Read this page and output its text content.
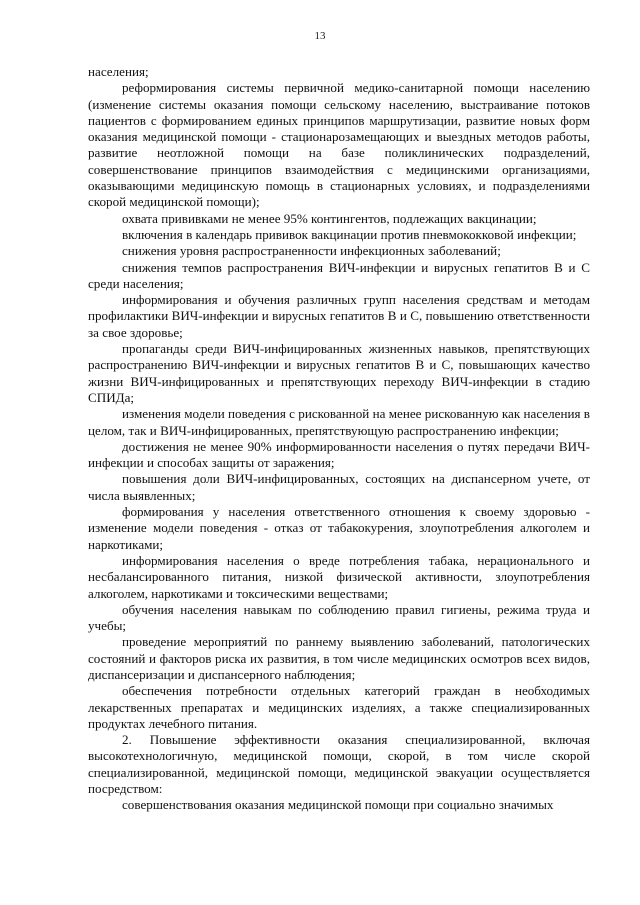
13

населения;

реформирования системы первичной медико-санитарной помощи населению (изменение системы оказания помощи сельскому населению, выстраивание потоков пациентов с формированием единых принципов маршрутизации, развитие новых форм оказания медицинской помощи - стационарозамещающих и выездных методов работы, развитие неотложной помощи на базе поликлинических подразделений, совершенствование принципов взаимодействия с медицинскими организациями, оказывающими медицинскую помощь в стационарных условиях, и подразделениями скорой медицинской помощи);

охвата прививками не менее 95% контингентов, подлежащих вакцинации;

включения в календарь прививок вакцинации против пневмококковой инфекции;

снижения уровня распространенности инфекционных заболеваний;

снижения темпов распространения ВИЧ-инфекции и вирусных гепатитов В и С среди населения;

информирования и обучения различных групп населения средствам и методам профилактики ВИЧ-инфекции и вирусных гепатитов В и С, повышению ответственности за свое здоровье;

пропаганды среди ВИЧ-инфицированных жизненных навыков, препятствующих распространению ВИЧ-инфекции и вирусных гепатитов В и С, повышающих качество жизни ВИЧ-инфицированных и препятствующих переходу ВИЧ-инфекции в стадию СПИДа;

изменения модели поведения с рискованной на менее рискованную как населения в целом, так и ВИЧ-инфицированных, препятствующую распространению инфекции;

достижения не менее 90% информированности населения о путях передачи ВИЧ-инфекции и способах защиты от заражения;

повышения доли ВИЧ-инфицированных, состоящих на диспансерном учете, от числа выявленных;

формирования у населения ответственного отношения к своему здоровью - изменение модели поведения - отказ от табакокурения, злоупотребления алкоголем и наркотиками;

информирования населения о вреде потребления табака, нерационального и несбалансированного питания, низкой физической активности, злоупотребления алкоголем, наркотиками и токсическими веществами;

обучения населения навыкам по соблюдению правил гигиены, режима труда и учебы;

проведение мероприятий по раннему выявлению заболеваний, патологических состояний и факторов риска их развития, в том числе медицинских осмотров всех видов, диспансеризации и диспансерного наблюдения;

обеспечения потребности отдельных категорий граждан в необходимых лекарственных препаратах и медицинских изделиях, а также специализированных продуктах лечебного питания.

2. Повышение эффективности оказания специализированной, включая высокотехнологичную, медицинской помощи, скорой, в том числе скорой специализированной, медицинской помощи, медицинской эвакуации осуществляется посредством:

совершенствования оказания медицинской помощи при социально значимых
